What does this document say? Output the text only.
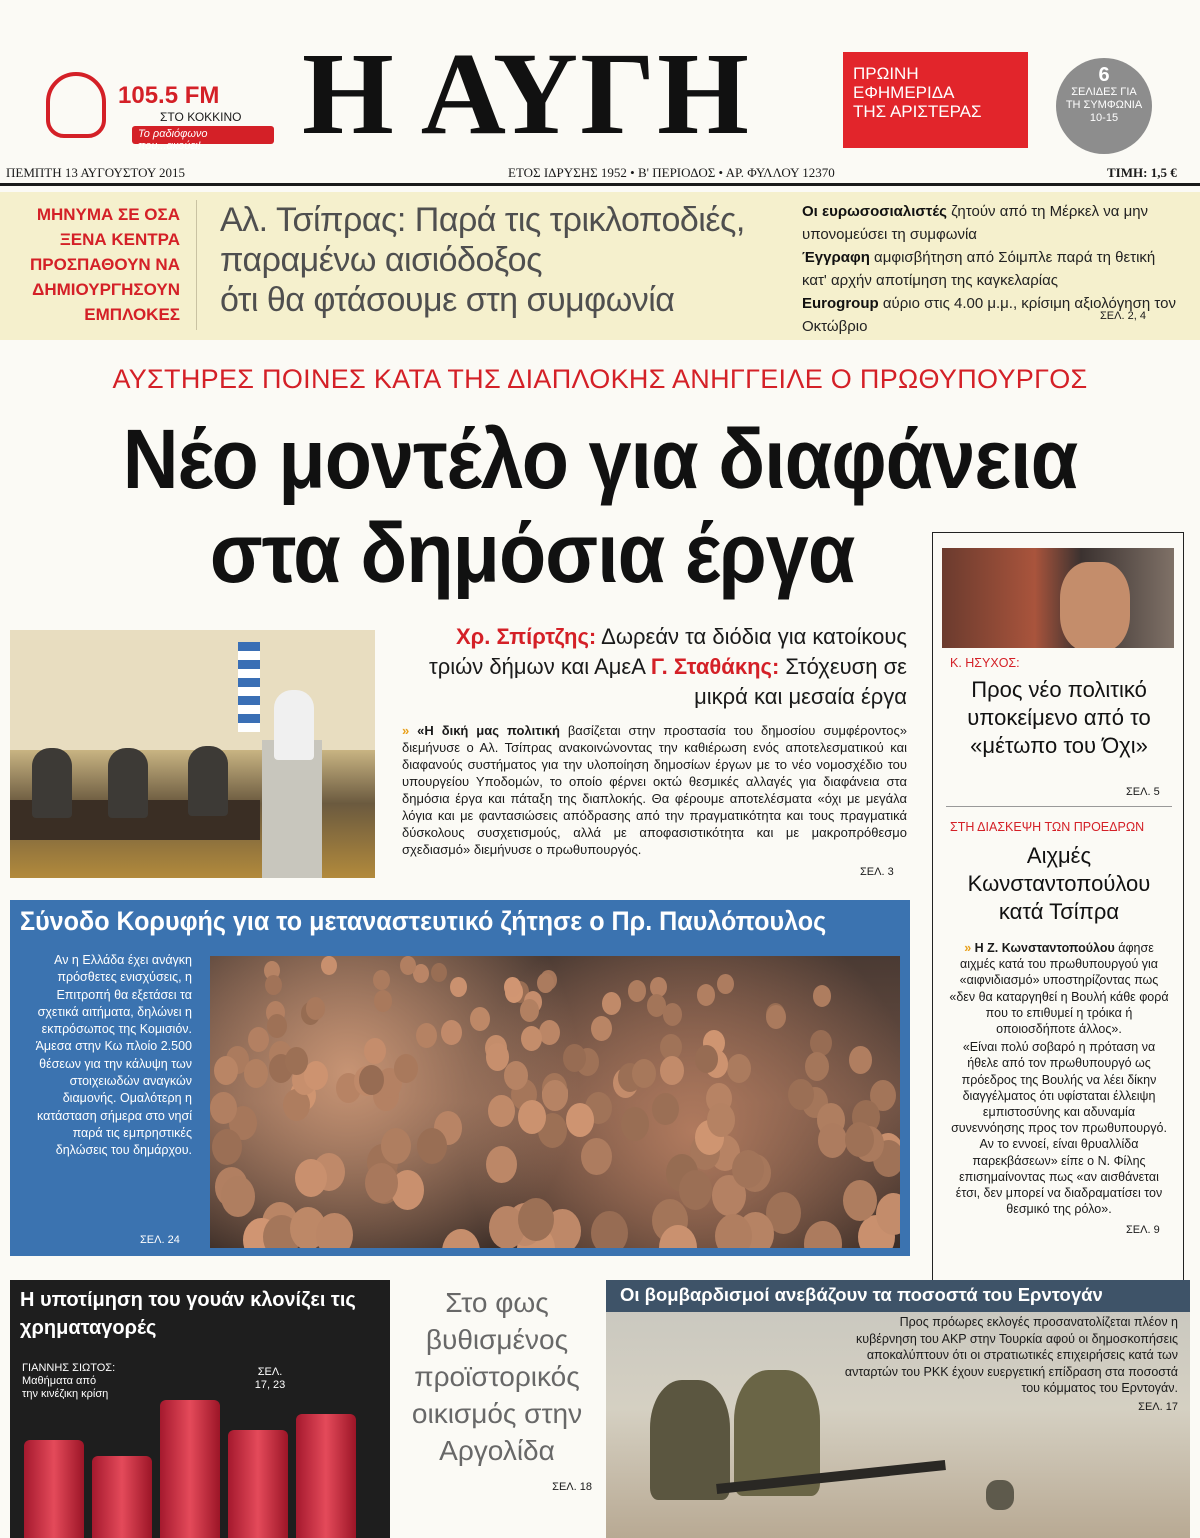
105.5 FM
ΣΤΟ ΚΟΚΚΙΝΟ
Το ραδιόφωνο που...ακούει! Η ΑΥΓΗ	ΠΡΩΙΝΗ
ΕΦΗΜΕΡΙΔΑ
ΤΗΣ ΑΡΙΣΤΕΡΑΣ
6
ΣΕΛΙΔΕΣ ΓΙΑ
ΤΗ ΣΥΜΦΩΝΙΑ
10-15
ΠΕΜΠΤΗ 13 ΑΥΓΟΥΣΤΟΥ 2015	ΕΤΟΣ ΙΔΡΥΣΗΣ 1952 • Β' ΠΕΡΙΟΔΟΣ • ΑΡ. ΦΥΛΛΟΥ 12370	ΤΙΜΗ: 1,5 €
ΜΗΝΥΜΑ ΣΕ ΟΣΑ
ΞΕΝΑ ΚΕΝΤΡΑ
ΠΡΟΣΠΑΘΟΥΝ ΝΑ
ΔΗΜΙΟΥΡΓΗΣΟΥΝ
ΕΜΠΛΟΚΕΣ
Αλ. Τσίπρας: Παρά τις τρικλοποδιές,
παραμένω αισιόδοξος
ότι θα φτάσουμε στη συμφωνία
Οι ευρωσοσιαλιστές ζητούν από τη Μέρκελ να μην υπονομεύσει τη συμφωνία
Έγγραφη αμφισβήτηση από Σόιμπλε παρά τη θετική κατ' αρχήν αποτίμηση της καγκελαρίας
Eurogroup αύριο στις 4.00 μ.μ., κρίσιμη αξιολόγηση τον Οκτώβριο
ΣΕΛ. 2, 4
ΑΥΣΤΗΡΕΣ ΠΟΙΝΕΣ ΚΑΤΑ ΤΗΣ ΔΙΑΠΛΟΚΗΣ ΑΝΗΓΓΕΙΛΕ Ο ΠΡΩΘΥΠΟΥΡΓΟΣ
Νέο μοντέλο για διαφάνεια
στα δημόσια έργα
Χρ. Σπίρτζης: Δωρεάν τα διόδια για κατοίκους τριών δήμων και ΑμεΑ Γ. Σταθάκης: Στόχευση σε μικρά και μεσαία έργα
» «Η δική μας πολιτική βασίζεται στην προστασία του δημοσίου συμφέροντος» διεμήνυσε ο Αλ. Τσίπρας ανακοινώνοντας την καθιέρωση ενός αποτελεσματικού και διαφανούς συστήματος για την υλοποίηση δημοσίων έργων με το νέο νομοσχέδιο του υπουργείου Υποδομών, το οποίο φέρνει οκτώ θεσμικές αλλαγές για διαφάνεια στα δημόσια έργα και πάταξη της διαπλοκής. Θα φέρουμε αποτελέσματα «όχι με μεγάλα λόγια και με φαντασιώσεις απόδρασης από την πραγματικότητα και τους πραγματικά δύσκολους συσχετισμούς, αλλά με αποφασιστικότητα και με μακροπρόθεσμο σχεδιασμό» διεμήνυσε ο πρωθυπουργός.
ΣΕΛ. 3
Κ. ΗΣΥΧΟΣ:
Προς νέο πολιτικό υποκείμενο από το «μέτωπο του Όχι»
ΣΕΛ. 5
ΣΤΗ ΔΙΑΣΚΕΨΗ ΤΩΝ ΠΡΟΕΔΡΩΝ
Αιχμές Κωνσταντοπούλου κατά Τσίπρα
» Η Ζ. Κωνσταντοπούλου άφησε αιχμές κατά του πρωθυπουργού για «αιφνιδιασμό» υποστηρίζοντας πως «δεν θα καταργηθεί η Βουλή κάθε φορά που το επιθυμεί η τρόικα ή οποιοσδήποτε άλλος».
«Είναι πολύ σοβαρό η πρόταση να ήθελε από τον πρωθυπουργό ως πρόεδρος της Βουλής να λέει δίκην διαγγέλματος ότι υφίσταται έλλειψη εμπιστοσύνης και αδυναμία συνεννόησης προς τον πρωθυπουργό. Αν το εννοεί, είναι θρυαλλίδα παρεκβάσεων» είπε ο Ν. Φίλης επισημαίνοντας πως «αν αισθάνεται έτσι, δεν μπορεί να διαδραματίσει τον θεσμικό της ρόλο».
ΣΕΛ. 9
Σύνοδο Κορυφής για το μεταναστευτικό ζήτησε ο Πρ. Παυλόπουλος
Αν η Ελλάδα έχει ανάγκη πρόσθετες ενισχύσεις, η Επιτροπή θα εξετάσει τα σχετικά αιτήματα, δηλώνει η εκπρόσωπος της Κομισιόν. Άμεσα στην Κω πλοίο 2.500 θέσεων για την κάλυψη των στοιχειωδών αναγκών διαμονής. Ομαλότερη η κατάσταση σήμερα στο νησί παρά τις εμπρηστικές δηλώσεις του δημάρχου.
ΣΕΛ. 24
Η υποτίμηση του γουάν κλονίζει τις χρηματαγορές
ΓΙΑΝΝΗΣ ΣΙΩΤΟΣ:
Μαθήματα από την κινέζικη κρίση
ΣΕΛ. 17, 23
Στο φως βυθισμένος προϊστορικός οικισμός στην Αργολίδα
ΣΕΛ. 18
Οι βομβαρδισμοί ανεβάζουν τα ποσοστά του Ερντογάν
Προς πρόωρες εκλογές προσανατολίζεται πλέον η κυβέρνηση του ΑΚΡ στην Τουρκία αφού οι δημοσκοπήσεις αποκαλύπτουν ότι οι στρατιωτικές επιχειρήσεις κατά των ανταρτών του ΡΚΚ έχουν ευεργετική επίδραση στα ποσοστά του κόμματος του Ερντογάν.
ΣΕΛ. 17
